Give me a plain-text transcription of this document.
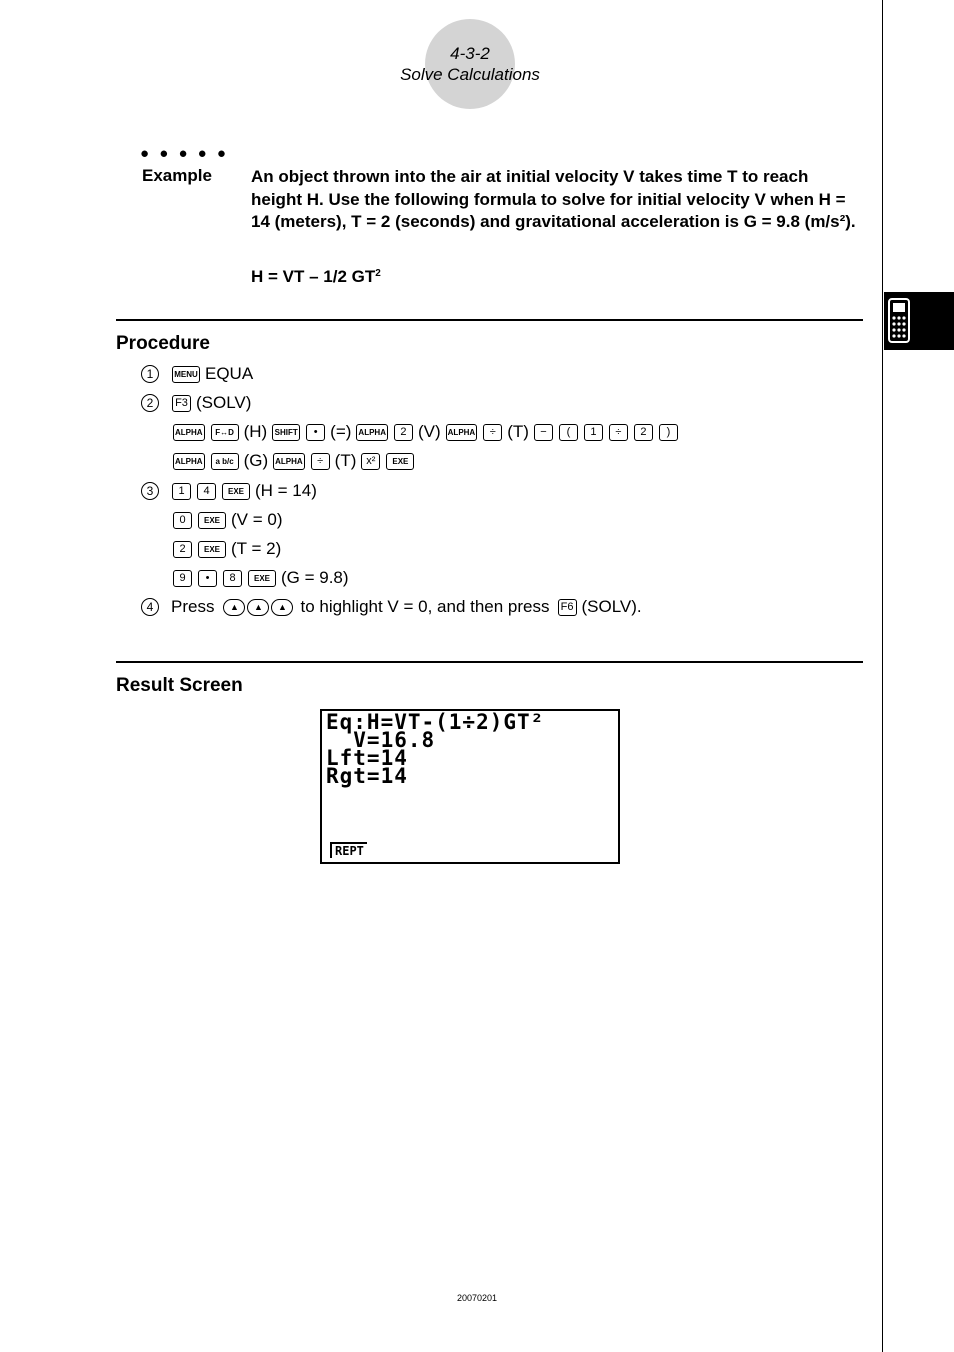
4-3-2
Solve Calculations
● ● ● ● ●
Example An object thrown into the air at initial velocity V takes time T to reach height H. Use the following formula to solve for initial velocity V when H = 14 (meters), T = 2 (seconds) and gravitational acceleration is G = 9.8 (m/s²).
H = VT – 1/2 $GT^2$
Procedure
1	MENU EQUA
2	F3 (SOLV)
ALPHA	F↔D (H) SHIFT	• (=) ALPHA	2 (V) ALPHA	÷ (T)	−	(	1	÷	2	)
ALPHA	a b/c (G) ALPHA	÷ (T) x²	EXE
3	1	4	EXE (H = 14)
0	EXE (V = 0)
2	EXE (T = 2)
9	•	8	EXE (G = 9.8)
4	Press	▲	▲	▲ to highlight V = 0, and then press F6 (SOLV).
Result Screen
Eq:H=VT-(1÷2)GT²
V=16.8
Lft=14
Rgt=14
REPT
20070201
